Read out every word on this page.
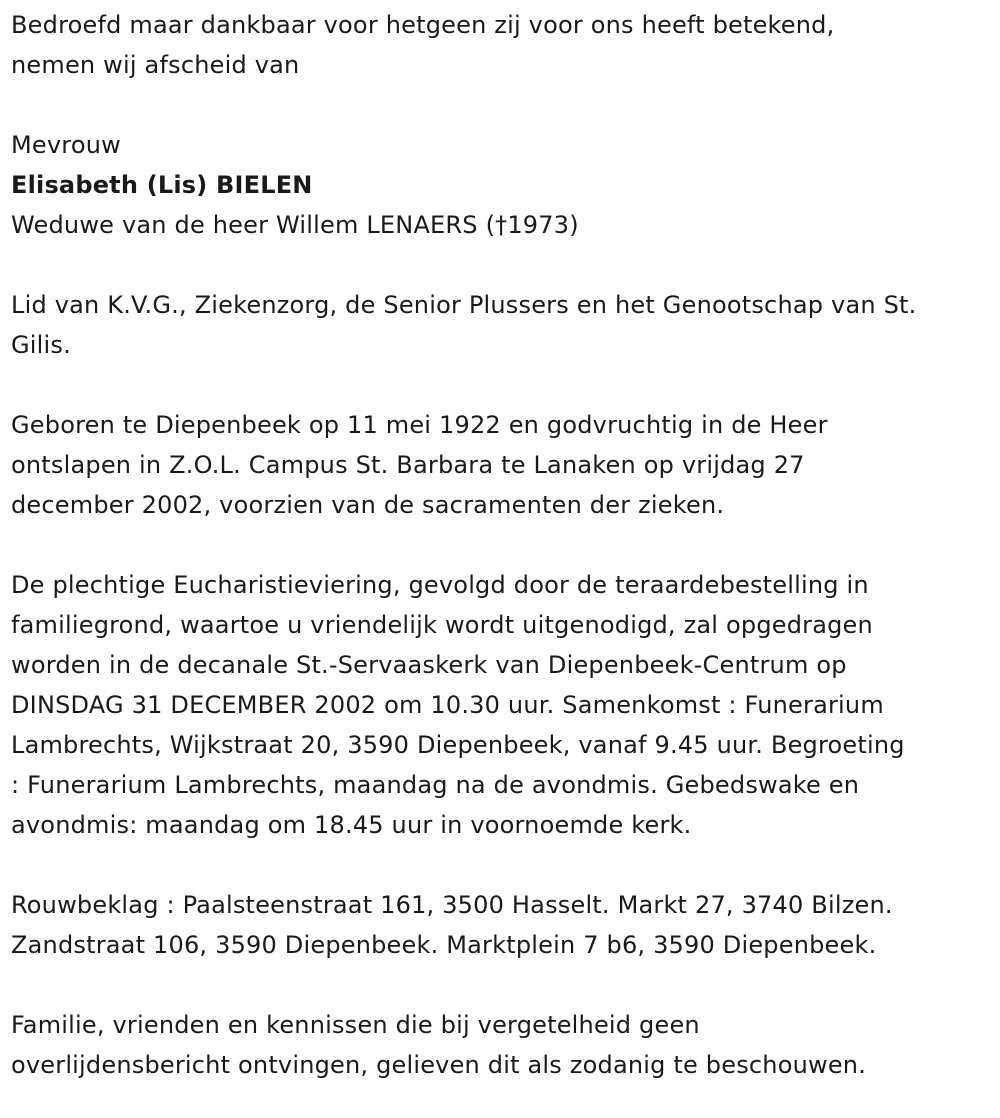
Bedroefd maar dankbaar voor hetgeen zij voor ons heeft betekend,
nemen wij afscheid van

Mevrouw

Elisabeth (Lis) BIELEN

Weduwe van de heer Willem LENAERS (†1973)

Lid van K.V.G., Ziekenzorg, de Senior Plussers en het Genootschap van St.
Gilis.

Geboren te Diepenbeek op 11 mei 1922 en godvruchtig in de Heer
ontslapen in Z.O.L. Campus St. Barbara te Lanaken op vrijdag 27
december 2002, voorzien van de sacramenten der zieken.

De plechtige Eucharistieviering, gevolgd door de teraardebestelling in
familiegrond, waartoe u vriendelijk wordt uitgenodigd, zal opgedragen
worden in de decanale St.-Servaaskerk van Diepenbeek-Centrum op
DINSDAG 31 DECEMBER 2002 om 10.30 uur. Samenkomst : Funerarium
Lambrechts, Wijkstraat 20, 3590 Diepenbeek, vanaf 9.45 uur. Begroeting
: Funerarium Lambrechts, maandag na de avondmis. Gebedswake en
avondmis: maandag om 18.45 uur in voornoemde kerk.

Rouwbeklag : Paalsteenstraat 161, 3500 Hasselt. Markt 27, 3740 Bilzen.
Zandstraat 106, 3590 Diepenbeek. Marktplein 7 b6, 3590 Diepenbeek.

Familie, vrienden en kennissen die bij vergetelheid geen
overlijdensbericht ontvingen, gelieven dit als zodanig te beschouwen.
